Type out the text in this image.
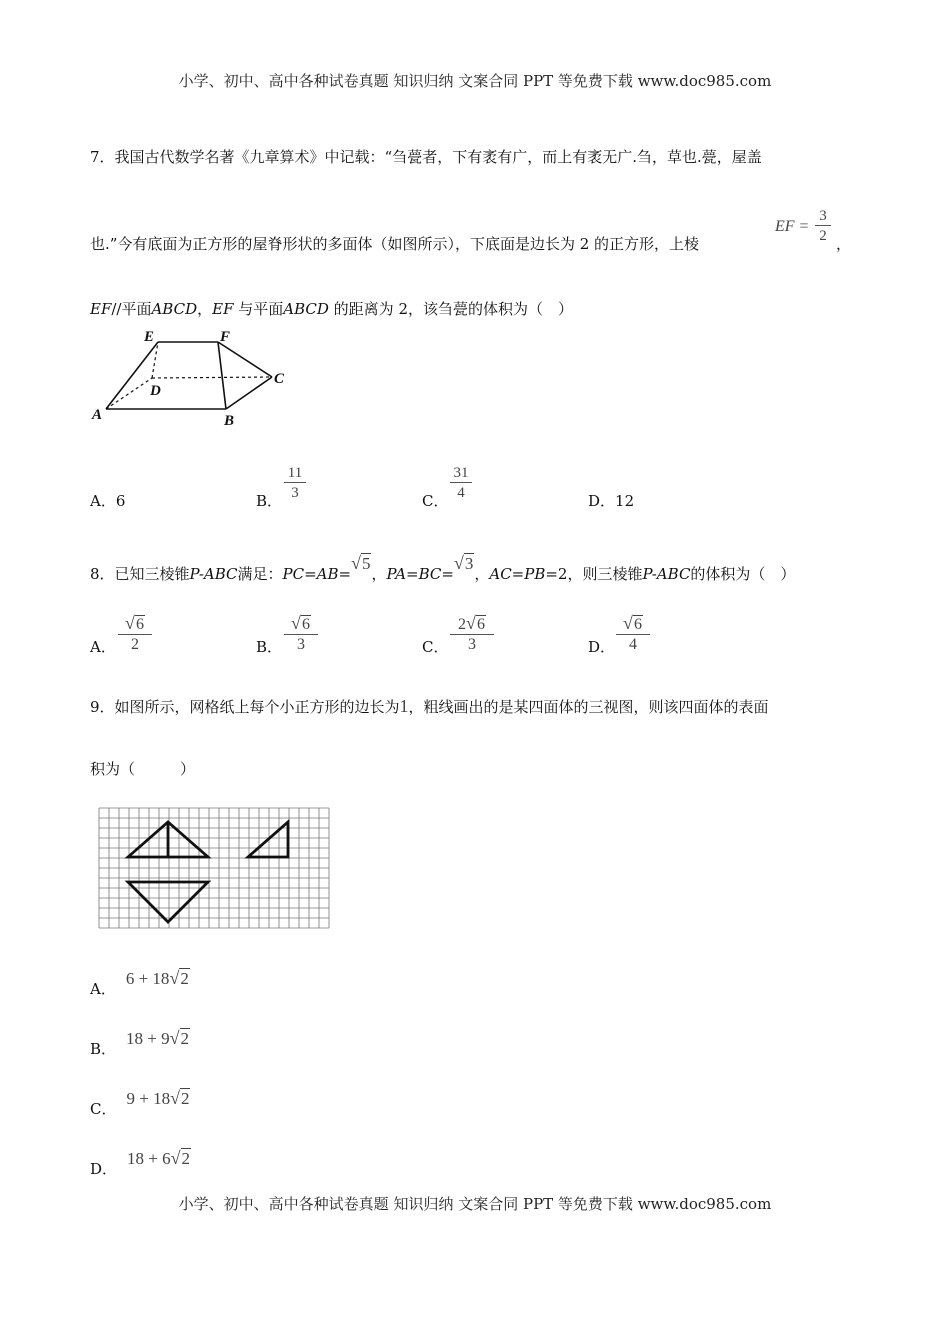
小学、初中、高中各种试卷真题 知识归纳 文案合同 PPT 等免费下载 www.doc985.com
7．我国古代数学名著《九章算术》中记载：“刍甍者，下有袤有广，而上有袤无广.刍，草也.甍，屋盖
也.”今有底面为正方形的屋脊形状的多面体（如图所示），下底面是边长为 2 的正方形，上棱
EF = $\frac{3}{2}$ ，
EF//平面ABCD，EF 与平面ABCD 的距离为 2，该刍甍的体积为（　）
E	F
C
D
A	B
A．6	B． $\frac{11}{3}$	C． $\frac{31}{4}$	D．12
8．已知三棱锥P-ABC满足：PC=AB=√5，PA=BC=√3，AC=PB=2，则三棱锥P-ABC的体积为（　）
A． $\frac{√6}{2}$	B． $\frac{√6}{3}$	C． $\frac{2√6}{3}$	D． $\frac{√6}{4}$
9．如图所示，网格纸上每个小正方形的边长为1，粗线画出的是某四面体的三视图，则该四面体的表面
积为（　　　）
A．6 + 18√2
B．18 + 9√2
C．9 + 18√2
D．18 + 6√2
小学、初中、高中各种试卷真题 知识归纳 文案合同 PPT 等免费下载 www.doc985.com
